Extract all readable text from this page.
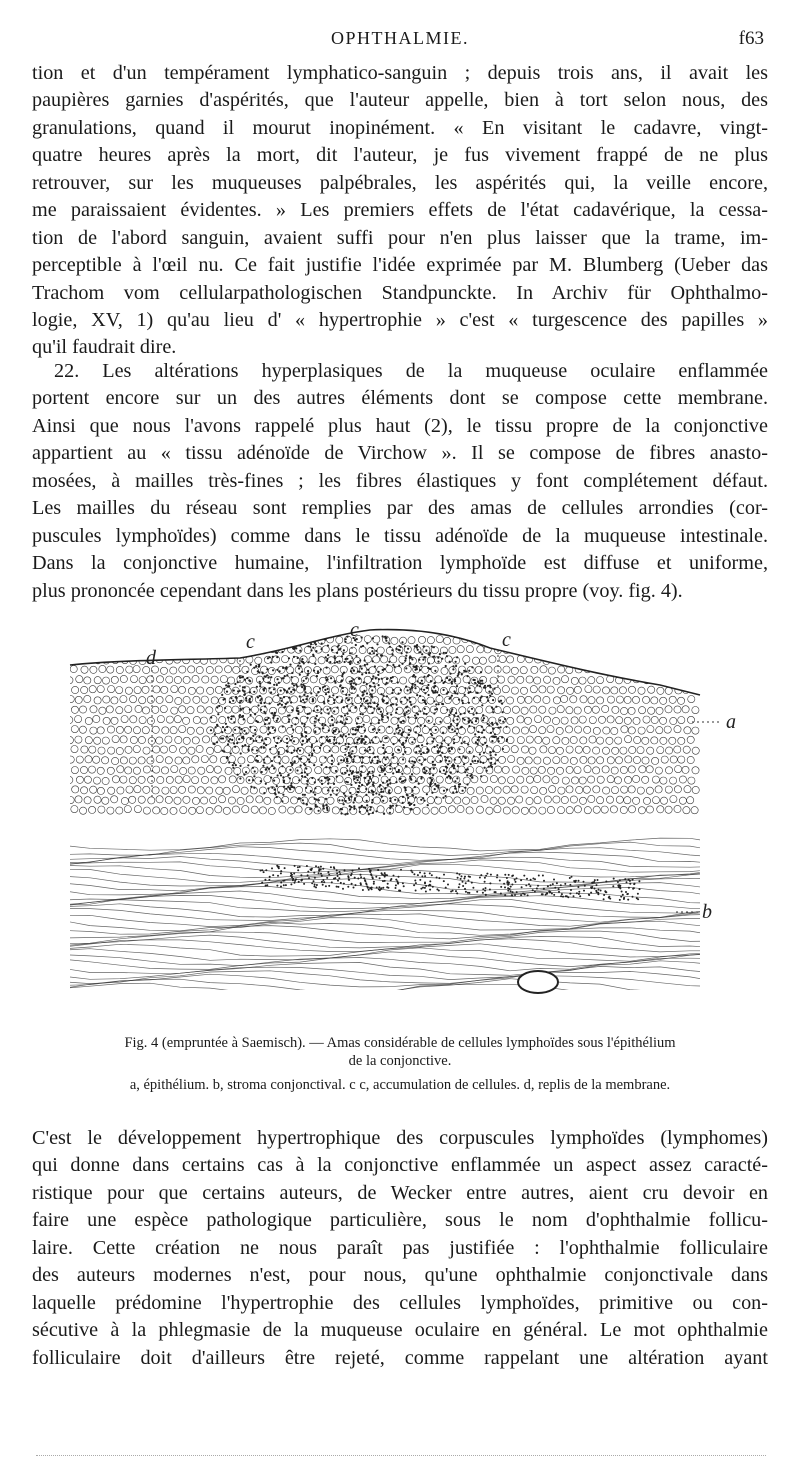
OPHTHALMIE.	f63
tion et d'un tempérament lymphatico-sanguin ; depuis trois ans, il avait les
paupières garnies d'aspérités, que l'auteur appelle, bien à tort selon nous, des
granulations, quand il mourut inopinément. « En visitant le cadavre, vingt-
quatre heures après la mort, dit l'auteur, je fus vivement frappé de ne plus
retrouver, sur les muqueuses palpébrales, les aspérités qui, la veille encore,
me paraissaient évidentes. » Les premiers effets de l'état cadavérique, la cessa-
tion de l'abord sanguin, avaient suffi pour n'en plus laisser que la trame, im-
perceptible à l'œil nu. Ce fait justifie l'idée exprimée par M. Blumberg (Ueber das
Trachom vom cellularpathologischen Standpunckte. In Archiv für Ophthalmo-
logie, XV, 1) qu'au lieu d' « hypertrophie » c'est « turgescence des papilles »
qu'il faudrait dire.
22. Les altérations hyperplasiques de la muqueuse oculaire enflammée
portent encore sur un des autres éléments dont se compose cette membrane.
Ainsi que nous l'avons rappelé plus haut (2), le tissu propre de la conjonctive
appartient au « tissu adénoïde de Virchow ». Il se compose de fibres anasto-
mosées, à mailles très-fines ; les fibres élastiques y font complétement défaut.
Les mailles du réseau sont remplies par des amas de cellules arrondies (cor-
puscules lymphoïdes) comme dans le tissu adénoïde de la muqueuse intestinale.
Dans la conjonctive humaine, l'infiltration lymphoïde est diffuse et uniforme,
plus prononcée cependant dans les plans postérieurs du tissu propre (voy. fig. 4).
d
c
c	c
a
b
Fig. 4 (empruntée à Saemisch). — Amas considérable de cellules lymphoïdes sous l'épithélium
de la conjonctive.
a, épithélium. b, stroma conjonctival. c c, accumulation de cellules. d, replis de la membrane.
C'est le développement hypertrophique des corpuscules lymphoïdes (lymphomes)
qui donne dans certains cas à la conjonctive enflammée un aspect assez caracté-
ristique pour que certains auteurs, de Wecker entre autres, aient cru devoir en
faire une espèce pathologique particulière, sous le nom d'ophthalmie follicu-
laire. Cette création ne nous paraît pas justifiée : l'ophthalmie folliculaire
des auteurs modernes n'est, pour nous, qu'une ophthalmie conjonctivale dans
laquelle prédomine l'hypertrophie des cellules lymphoïdes, primitive ou con-
sécutive à la phlegmasie de la muqueuse oculaire en général. Le mot ophthalmie
folliculaire doit d'ailleurs être rejeté, comme rappelant une altération ayant
